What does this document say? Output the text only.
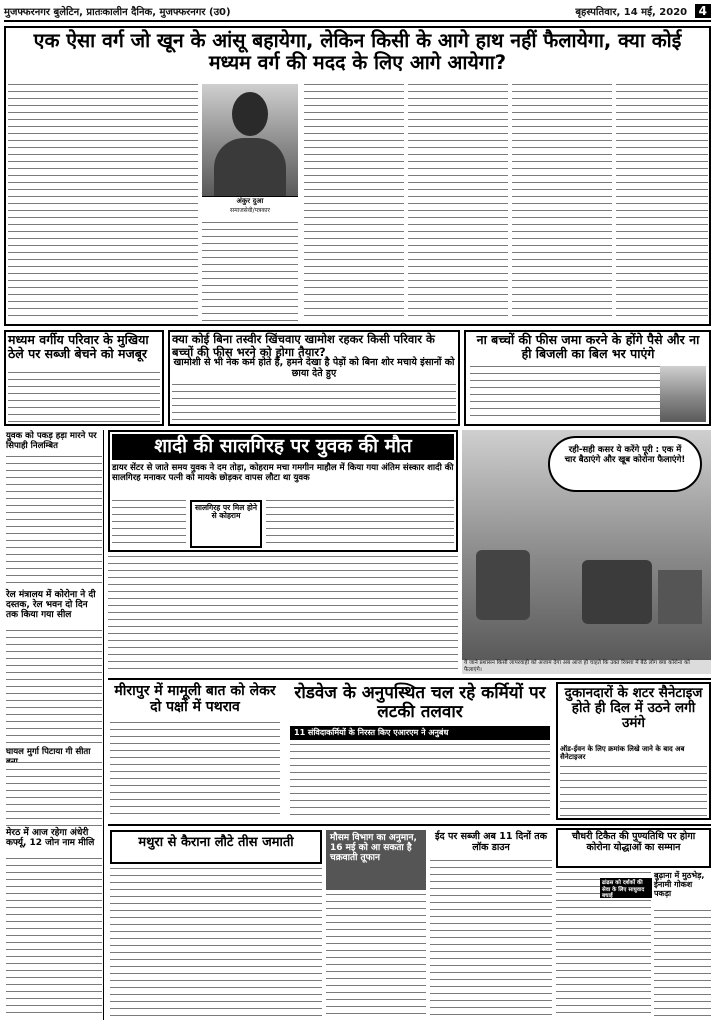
मुजफ्फरनगर बुलेटिन, प्रातःकालीन दैनिक, मुजफ्फरनगर (उ0)	बृहस्पतिवार, 14 मई, 2020 4
एक ऐसा वर्ग जो खून के आंसू बहायेगा, लेकिन किसी के आगे हाथ नहीं फैलायेगा, क्या कोई मध्यम वर्ग की मदद के लिए आगे आयेगा?
अंकुर दुआ
समाजसेवी/पत्रकार
मध्यम वर्गीय परिवार के मुखिया ठेले पर सब्जी बेचने को मजबूर
क्या कोई बिना तस्वीर खिंचवाए खामोश रहकर किसी परिवार के बच्चों की फीस भरने को होगा तैयार?
खामोशी से भी नेक कर्म होते हैं, हमने देखा है पेड़ों को बिना शोर मचाये इंसानों को छाया देते हुए
ना बच्चों की फीस जमा करने के होंगे पैसे और ना ही बिजली का बिल भर पाएंगे
युवक को पकड़ हड़ा मारने पर सिपाही निलम्बित
रेल मंत्रालय में कोरोना ने दी दस्तक, रेल भवन दो दिन तक किया गया सील
घायल मुर्गा पिटाया गी सीता
मेरठ में आज रहेगा अंधेरी कर्फ्यू, 12 जोन नाम मीलि
शादी की सालगिरह पर युवक की मौत
डायर सेंटर से जाते समय युवक ने दम तोड़ा, कोहराम मचा गमगीन माहौल में किया गया अंतिम संस्कार शादी की सालगिरह मनाकर पत्नी को मायके छोड़कर वापस लौटा था युवक
सालगिरह पर मिल होने से कोहराम
रही-सही कसर ये करेंगे पूरी : एक में चार बैठाएंगे और खूब कोरोना फैलाएंगे!
ये जाने प्रशासन किसी लापरवाही को अंजाम देगा अब आज हो चाहते कि उक्त रिक्शा में बैठे लोग क्या कोरोना को फैलाएंगे।
मीरापुर में मामूली बात को लेकर दो पक्षों में पथराव
रोडवेज के अनुपस्थित चल रहे कर्मियों पर लटकी तलवार
11 संविदाकर्मियों के निरस्त किए एआरएम ने अनुबंध
दुकानदारों के शटर सैनेटाइज होते ही दिल में उठने लगी उमंगे
ऑड-ईवन के लिए क्रमांक लिखे जाने के बाद अब सैनेटाइजर
मथुरा से कैराना लौटे तीस जमाती	मौसम विभाग का अनुमान, 16 मई को आ सकता है चक्रवाती तूफान
ईद पर सब्जी अब 11 दिनों तक लॉक डाउन
चौधरी टिकैत की पुण्यतिथि पर होगा कोरोना योद्धाओं का सम्मान
बुढ़ाना में मुठभेड़, ईनामी गोकश पकड़ा
ढांढस को दर्शकों की सेवा के लिए साधुवाद बधाई
